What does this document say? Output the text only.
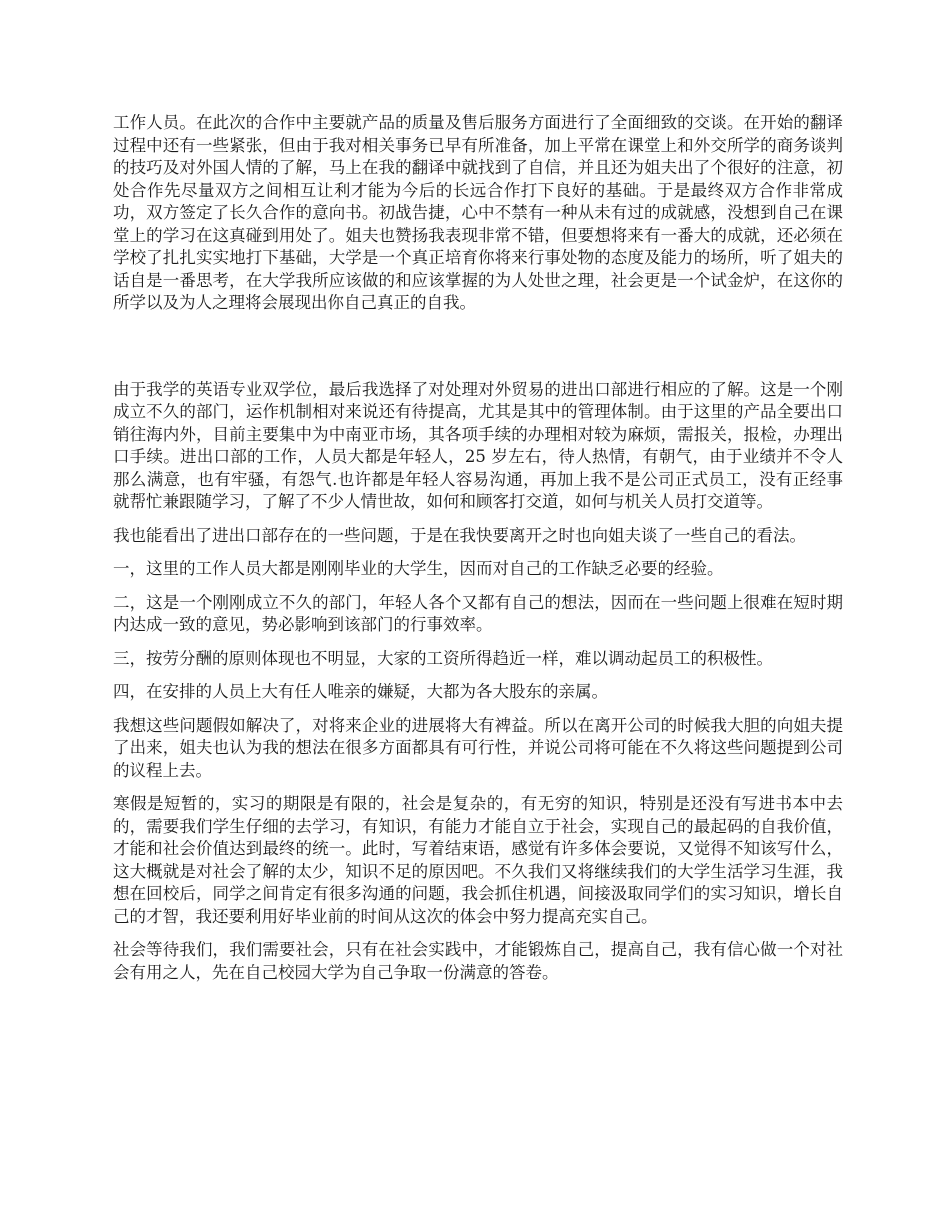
工作人员。在此次的合作中主要就产品的质量及售后服务方面进行了全面细致的交谈。在开始的翻译过程中还有一些紧张，但由于我对相关事务已早有所准备，加上平常在课堂上和外交所学的商务谈判的技巧及对外国人情的了解，马上在我的翻译中就找到了自信，并且还为姐夫出了个很好的注意，初处合作先尽量双方之间相互让利才能为今后的长远合作打下良好的基础。于是最终双方合作非常成功，双方签定了长久合作的意向书。初战告捷，心中不禁有一种从未有过的成就感，没想到自己在课堂上的学习在这真碰到用处了。姐夫也赞扬我表现非常不错，但要想将来有一番大的成就，还必须在学校了扎扎实实地打下基础，大学是一个真正培育你将来行事处物的态度及能力的场所，听了姐夫的话自是一番思考，在大学我所应该做的和应该掌握的为人处世之理，社会更是一个试金炉，在这你的所学以及为人之理将会展现出你自己真正的自我。

由于我学的英语专业双学位，最后我选择了对处理对外贸易的进出口部进行相应的了解。这是一个刚成立不久的部门，运作机制相对来说还有待提高，尤其是其中的管理体制。由于这里的产品全要出口销往海内外，目前主要集中为中南亚市场，其各项手续的办理相对较为麻烦，需报关，报检，办理出口手续。进出口部的工作，人员大都是年轻人，25 岁左右，待人热情，有朝气，由于业绩并不令人那么满意，也有牢骚，有怨气.也许都是年轻人容易沟通，再加上我不是公司正式员工，没有正经事就帮忙兼跟随学习，了解了不少人情世故，如何和顾客打交道，如何与机关人员打交道等。

我也能看出了进出口部存在的一些问题，于是在我快要离开之时也向姐夫谈了一些自己的看法。

一，这里的工作人员大都是刚刚毕业的大学生，因而对自己的工作缺乏必要的经验。

二，这是一个刚刚成立不久的部门，年轻人各个又都有自己的想法，因而在一些问题上很难在短时期内达成一致的意见，势必影响到该部门的行事效率。

三，按劳分酬的原则体现也不明显，大家的工资所得趋近一样，难以调动起员工的积极性。

四，在安排的人员上大有任人唯亲的嫌疑，大都为各大股东的亲属。

我想这些问题假如解决了，对将来企业的进展将大有裨益。所以在离开公司的时候我大胆的向姐夫提了出来，姐夫也认为我的想法在很多方面都具有可行性，并说公司将可能在不久将这些问题提到公司的议程上去。

寒假是短暂的，实习的期限是有限的，社会是复杂的，有无穷的知识，特别是还没有写进书本中去的，需要我们学生仔细的去学习，有知识，有能力才能自立于社会，实现自己的最起码的自我价值，才能和社会价值达到最终的统一。此时，写着结束语，感觉有许多体会要说，又觉得不知该写什么，这大概就是对社会了解的太少，知识不足的原因吧。不久我们又将继续我们的大学生活学习生涯，我想在回校后，同学之间肯定有很多沟通的问题，我会抓住机遇，间接汲取同学们的实习知识，增长自己的才智，我还要利用好毕业前的时间从这次的体会中努力提高充实自己。

社会等待我们，我们需要社会，只有在社会实践中，才能锻炼自己，提高自己，我有信心做一个对社会有用之人，先在自己校园大学为自己争取一份满意的答卷。
